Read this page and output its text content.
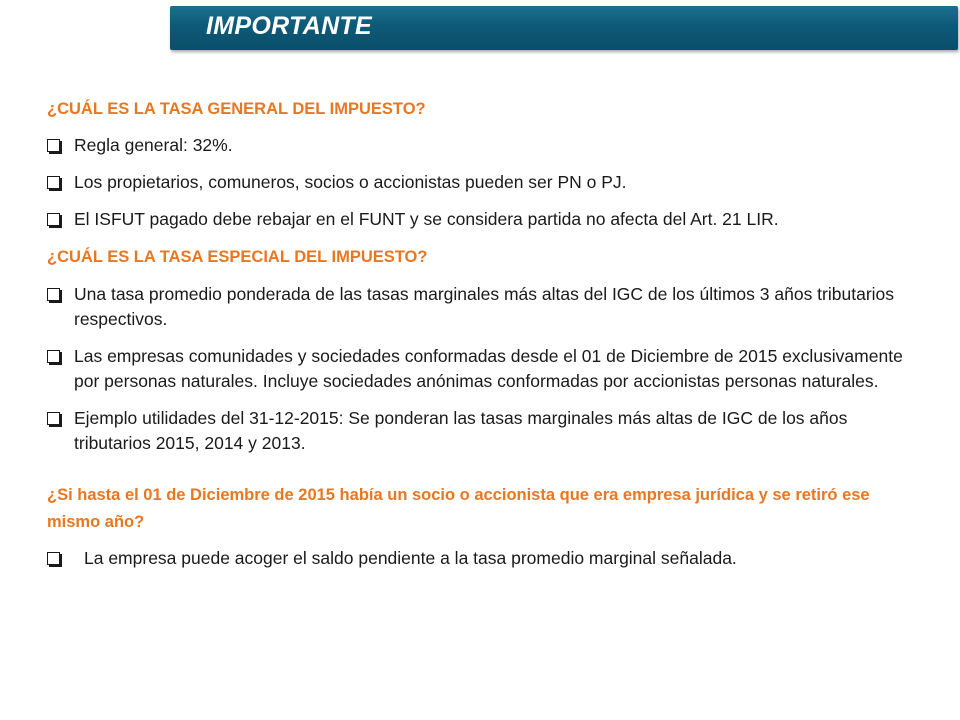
IMPORTANTE
¿CUÁL ES LA TASA GENERAL DEL IMPUESTO?
Regla general: 32%.
Los propietarios, comuneros, socios o accionistas pueden ser PN o PJ.
El ISFUT pagado debe rebajar en el FUNT y se considera partida no afecta del Art. 21 LIR.
¿CUÁL ES LA TASA ESPECIAL DEL IMPUESTO?
Una tasa promedio ponderada de las tasas marginales más altas del IGC de los últimos 3 años tributarios respectivos.
Las empresas comunidades y sociedades conformadas desde el 01 de Diciembre de 2015 exclusivamente por personas naturales. Incluye sociedades anónimas conformadas por accionistas personas naturales.
Ejemplo utilidades del 31-12-2015: Se ponderan las tasas marginales más altas de IGC de los años tributarios 2015, 2014 y 2013.
¿Si hasta el 01 de Diciembre de 2015 había un socio o accionista que era empresa jurídica y se retiró ese mismo año?
La empresa puede acoger el saldo pendiente a la tasa promedio marginal señalada.
